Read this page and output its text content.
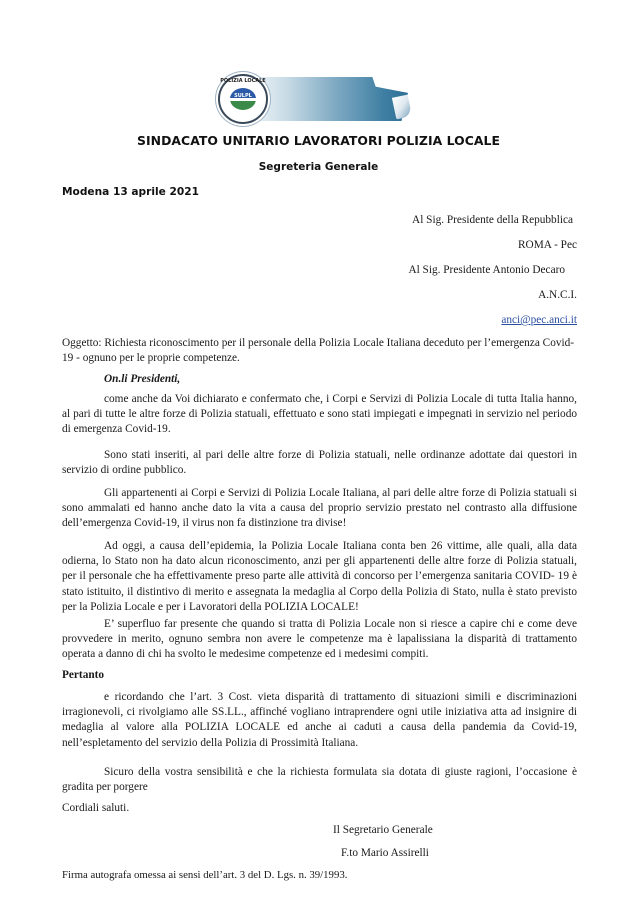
POLIZIA LOCALE
SULPL
SINDACATO UNITARIO LAVORATORI POLIZIA LOCALE
Segreteria Generale
Modena 13 aprile 2021
Al Sig. Presidente della Repubblica
ROMA - Pec
Al Sig. Presidente Antonio Decaro
A.N.C.I.
anci@pec.anci.it
Oggetto: Richiesta riconoscimento per il personale della Polizia Locale Italiana deceduto per l’emergenza Covid-19 - ognuno per le proprie competenze.
On.li Presidenti,
come anche da Voi dichiarato e confermato che, i Corpi e Servizi di Polizia Locale di tutta Italia hanno, al pari di tutte le altre forze di Polizia statuali, effettuato e sono stati impiegati e impegnati in servizio nel periodo di emergenza Covid-19.
Sono stati inseriti, al pari delle altre forze di Polizia statuali, nelle ordinanze adottate dai questori in servizio di ordine pubblico.
Gli appartenenti ai Corpi e Servizi di Polizia Locale Italiana, al pari delle altre forze di Polizia statuali si sono ammalati ed hanno anche dato la vita a causa del proprio servizio prestato nel contrasto alla diffusione dell’emergenza Covid-19, il virus non fa distinzione tra divise!
Ad oggi, a causa dell’epidemia, la Polizia Locale Italiana conta ben 26 vittime, alle quali, alla data odierna, lo Stato non ha dato alcun riconoscimento, anzi per gli appartenenti delle altre forze di Polizia statuali, per il personale che ha effettivamente preso parte alle attività di concorso per l’emergenza sanitaria COVID- 19 è stato istituito, il distintivo di merito e assegnata la medaglia al Corpo della Polizia di Stato, nulla è stato previsto per la Polizia Locale e per i Lavoratori della POLIZIA LOCALE!
E’ superfluo far presente che quando si tratta di Polizia Locale non si riesce a capire chi e come deve provvedere in merito, ognuno sembra non avere le competenze ma è lapalissiana la disparità di trattamento operata a danno di chi ha svolto le medesime competenze ed i medesimi compiti.
Pertanto
e ricordando che l’art. 3 Cost. vieta disparità di trattamento di situazioni simili e discriminazioni irragionevoli, ci rivolgiamo alle SS.LL., affinché vogliano intraprendere ogni utile iniziativa atta ad insignire di medaglia al valore alla POLIZIA LOCALE ed anche ai caduti a causa della pandemia da Covid-19, nell’espletamento del servizio della Polizia di Prossimità Italiana.
Sicuro della vostra sensibilità e che la richiesta formulata sia dotata di giuste ragioni, l’occasione è gradita per porgere
Cordiali saluti.
Il Segretario Generale
F.to Mario Assirelli
Firma autografa omessa ai sensi dell’art. 3 del D. Lgs. n. 39/1993.
